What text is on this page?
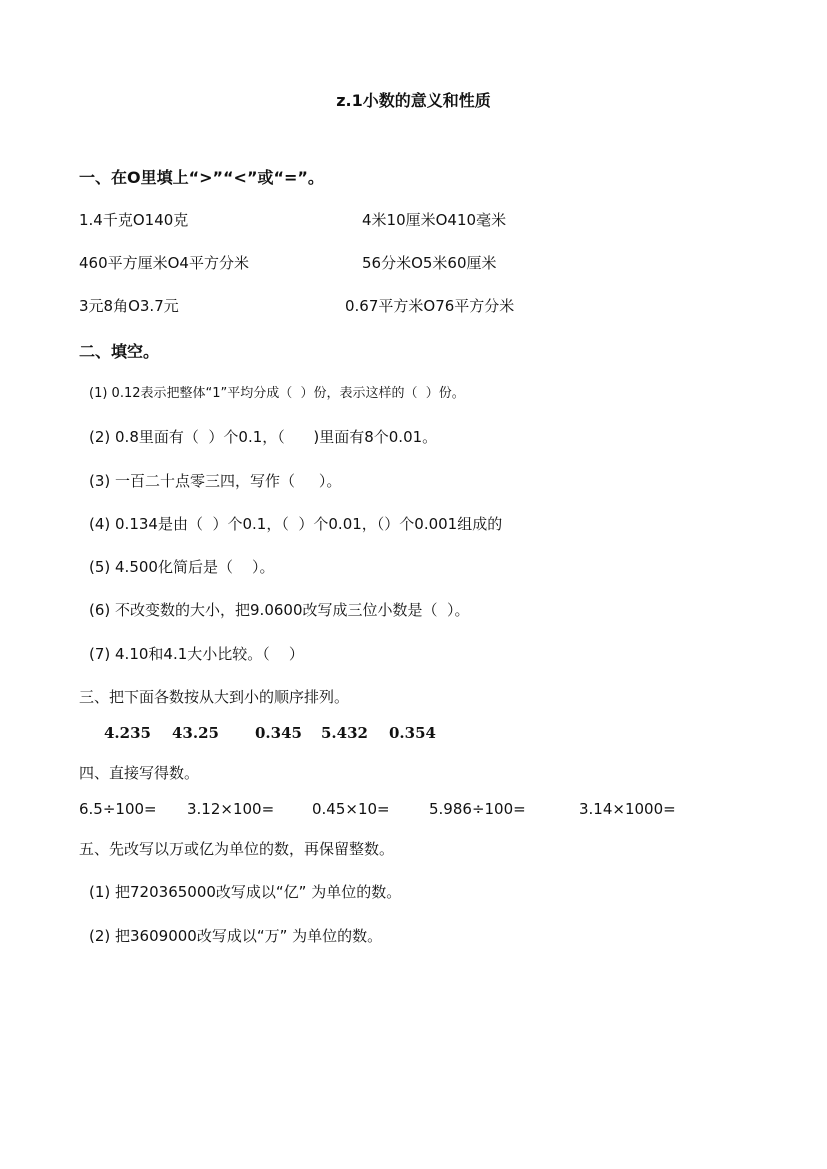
z.1小数的意义和性质
一、在O里填上“>”“<”或“=”。
1.4千克O140克	4米10厘米O410毫米
460平方厘米O4平方分米	56分米O5米60厘米
3元8角O3.7元	0.67平方米O76平方分米
二、填空。
(1) 0.12表示把整体“1”平均分成（  ）份，表示这样的（  ）份。
(2) 0.8里面有（  ）个0.1，（      )里面有8个0.01。
(3) 一百二十点零三四，写作（     ）。
(4) 0.134是由（  ）个0.1，（  ）个0.01，（）个0.001组成的
(5) 4.500化简后是（    ）。
(6) 不改变数的大小，把9.0600改写成三位小数是（  ）。
(7) 4.10和4.1大小比较。（    ）
三、把下面各数按从大到小的顺序排列。
4.235 43.25 0.345 5.432 0.354
四、直接写得数。
6.5÷100= 3.12×100=	0.45×10=	5.986÷100=	3.14×1000=
五、先改写以万或亿为单位的数，再保留整数。
(1) 把720365000改写成以“亿” 为单位的数。
(2) 把3609000改写成以“万” 为单位的数。
